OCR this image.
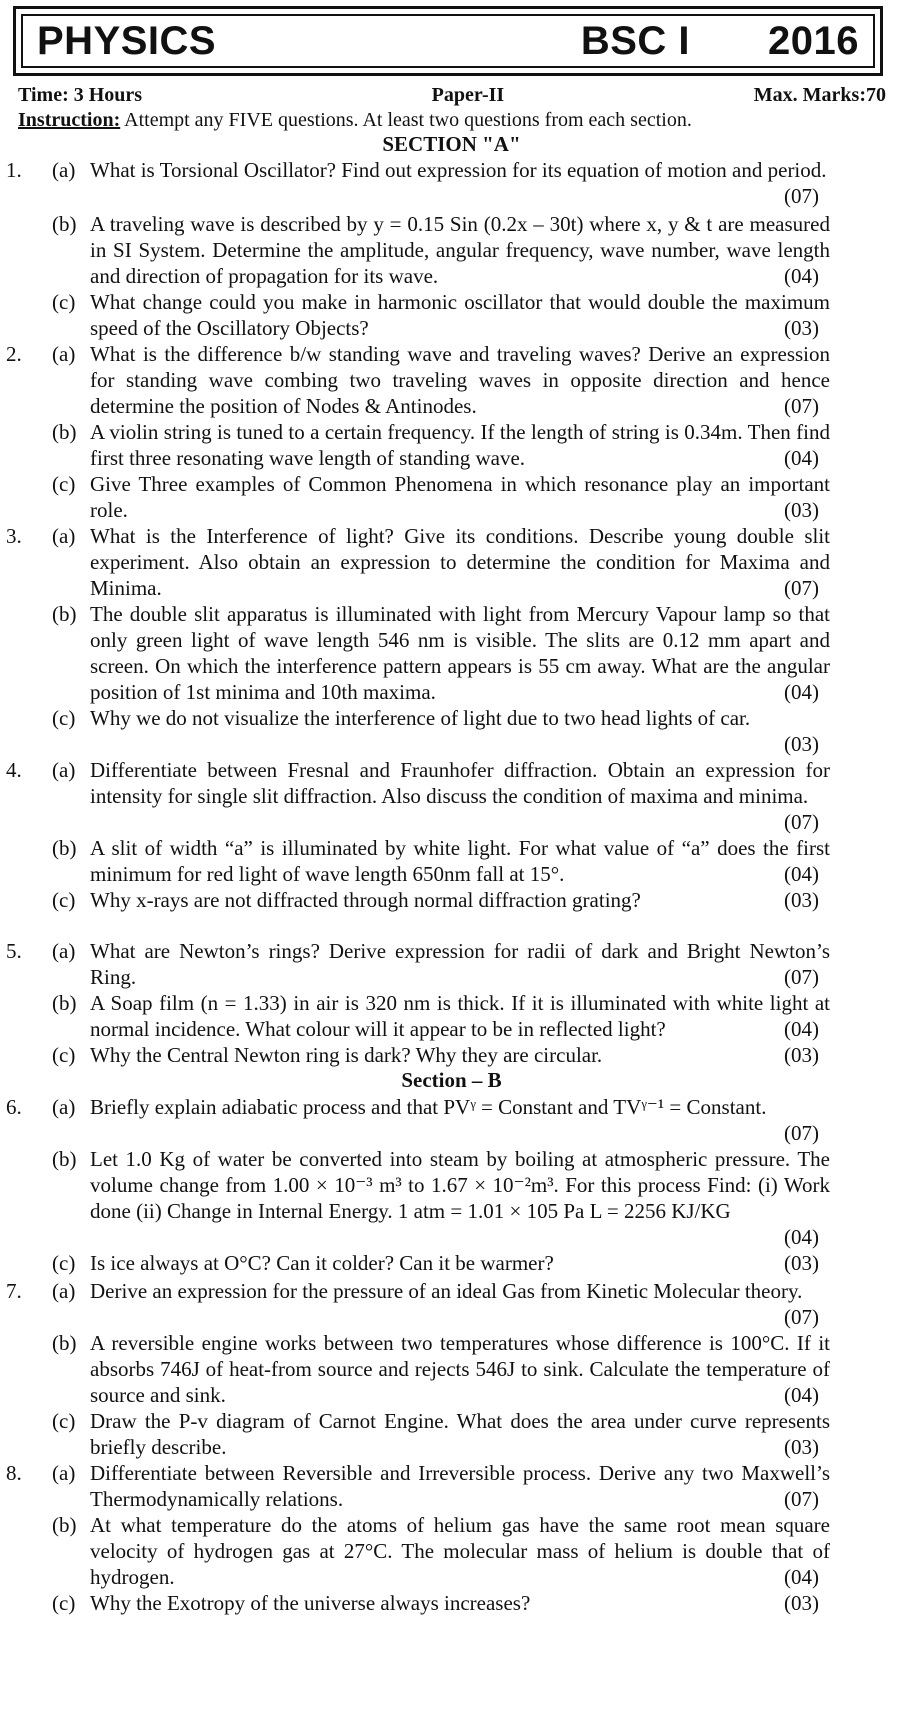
PHYSICS	BSC I 2016
Time: 3 Hours	Paper-II	Max. Marks:70
Instruction: Attempt any FIVE questions. At least two questions from each section.
SECTION "A"
1. (a) What is Torsional Oscillator? Find out expression for its equation of motion and period.
(07)
(b) A traveling wave is described by y = 0.15 Sin (0.2x – 30t) where x, y & t are measured in SI System. Determine the amplitude, angular frequency, wave number, wave length and direction of propagation for its wave.	(04)
(c) What change could you make in harmonic oscillator that would double the maximum speed of the Oscillatory Objects?	(03)
2. (a) What is the difference b/w standing wave and traveling waves? Derive an expression for standing wave combing two traveling waves in opposite direction and hence determine the position of Nodes & Antinodes.	(07)
(b) A violin string is tuned to a certain frequency. If the length of string is 0.34m. Then find first three resonating wave length of standing wave.	(04)
(c) Give Three examples of Common Phenomena in which resonance play an important role.	(03)
3. (a) What is the Interference of light? Give its conditions. Describe young double slit experiment. Also obtain an expression to determine the condition for Maxima and Minima.	(07)
(b) The double slit apparatus is illuminated with light from Mercury Vapour lamp so that only green light of wave length 546 nm is visible. The slits are 0.12 mm apart and screen. On which the interference pattern appears is 55 cm away. What are the angular position of 1st minima and 10th maxima.	(04)
(c) Why we do not visualize the interference of light due to two head lights of car.
(03)
4. (a) Differentiate between Fresnal and Fraunhofer diffraction. Obtain an expression for intensity for single slit diffraction. Also discuss the condition of maxima and minima.
(07)
(b) A slit of width “a” is illuminated by white light. For what value of “a” does the first minimum for red light of wave length 650nm fall at 15°.	(04)
(c) Why x-rays are not diffracted through normal diffraction grating?	(03)
5. (a) What are Newton’s rings? Derive expression for radii of dark and Bright Newton’s Ring.	(07)
(b) A Soap film (n = 1.33) in air is 320 nm is thick. If it is illuminated with white light at normal incidence. What colour will it appear to be in reflected light?	(04)
(c) Why the Central Newton ring is dark? Why they are circular.	(03)
Section – B
6. (a) Briefly explain adiabatic process and that PVᵞ = Constant and TVᵞ⁻¹ = Constant.
(07)
(b) Let 1.0 Kg of water be converted into steam by boiling at atmospheric pressure. The volume change from 1.00 × 10⁻³ m³ to 1.67 × 10⁻²m³. For this process Find: (i) Work done (ii) Change in Internal Energy. 1 atm = 1.01 × 105 Pa L = 2256 KJ/KG
(04)
(c) Is ice always at O°C? Can it colder? Can it be warmer?	(03)
7. (a) Derive an expression for the pressure of an ideal Gas from Kinetic Molecular theory.
(07)
(b) A reversible engine works between two temperatures whose difference is 100°C. If it absorbs 746J of heat-from source and rejects 546J to sink. Calculate the temperature of source and sink.	(04)
(c) Draw the P-v diagram of Carnot Engine. What does the area under curve represents briefly describe.	(03)
8. (a) Differentiate between Reversible and Irreversible process. Derive any two Maxwell’s Thermodynamically relations.	(07)
(b) At what temperature do the atoms of helium gas have the same root mean square velocity of hydrogen gas at 27°C. The molecular mass of helium is double that of hydrogen.	(04)
(c) Why the Exotropy of the universe always increases?	(03)
